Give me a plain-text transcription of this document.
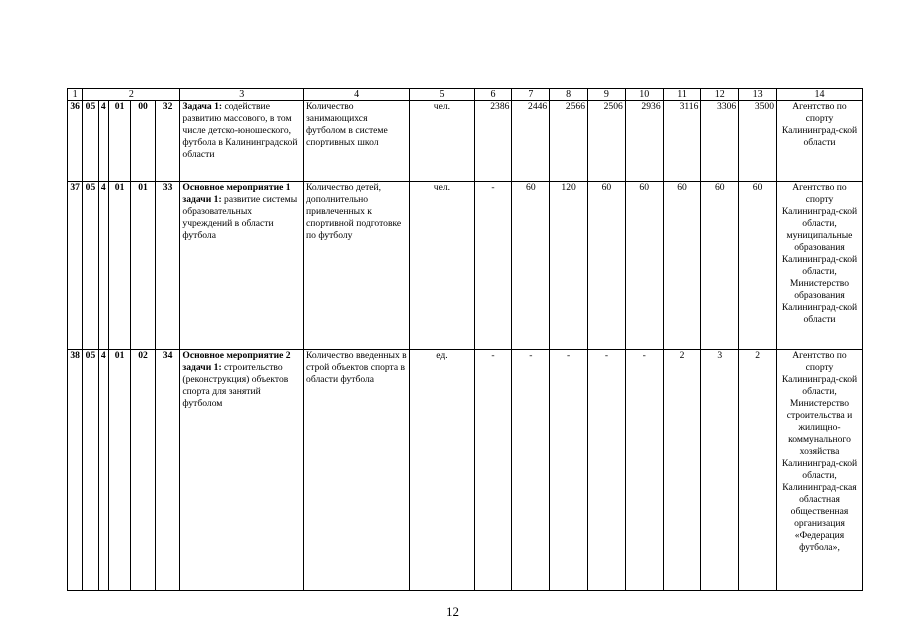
1	2					3	4	5	6	7	8	9	10	11	12	13	14
36	05	4	01	00	32	Задача 1: содействие развитию массового, в том числе детско-юношеского, футбола в Калининградской области	Количество занимающихся футболом в системе спортивных школ	чел.	2386	2446	2566	2506	2936	3116	3306	3500	Агентство по спорту Калининград-ской области
37	05	4	01	01	33	Основное мероприятие 1 задачи 1: развитие системы образовательных учреждений в области футбола	Количество детей, дополнительно привлеченных к спортивной подготовке по футболу	чел.	-	60	120	60	60	60	60	60	Агентство по спорту Калининград-ской области, муниципальные образования Калининград-ской области, Министерство образования Калининград-ской области
38	05	4	01	02	34	Основное мероприятие 2 задачи 1: строительство (реконструкция) объектов спорта для занятий футболом	Количество введенных в строй объектов спорта в области футбола	ед.	-	-	-	-	-	2	3	2	Агентство по спорту Калининград-ской области, Министерство строительства и жилищно-коммунального хозяйства Калининград-ской области, Калининград-ская областная общественная организация «Федерация футбола»,
12
